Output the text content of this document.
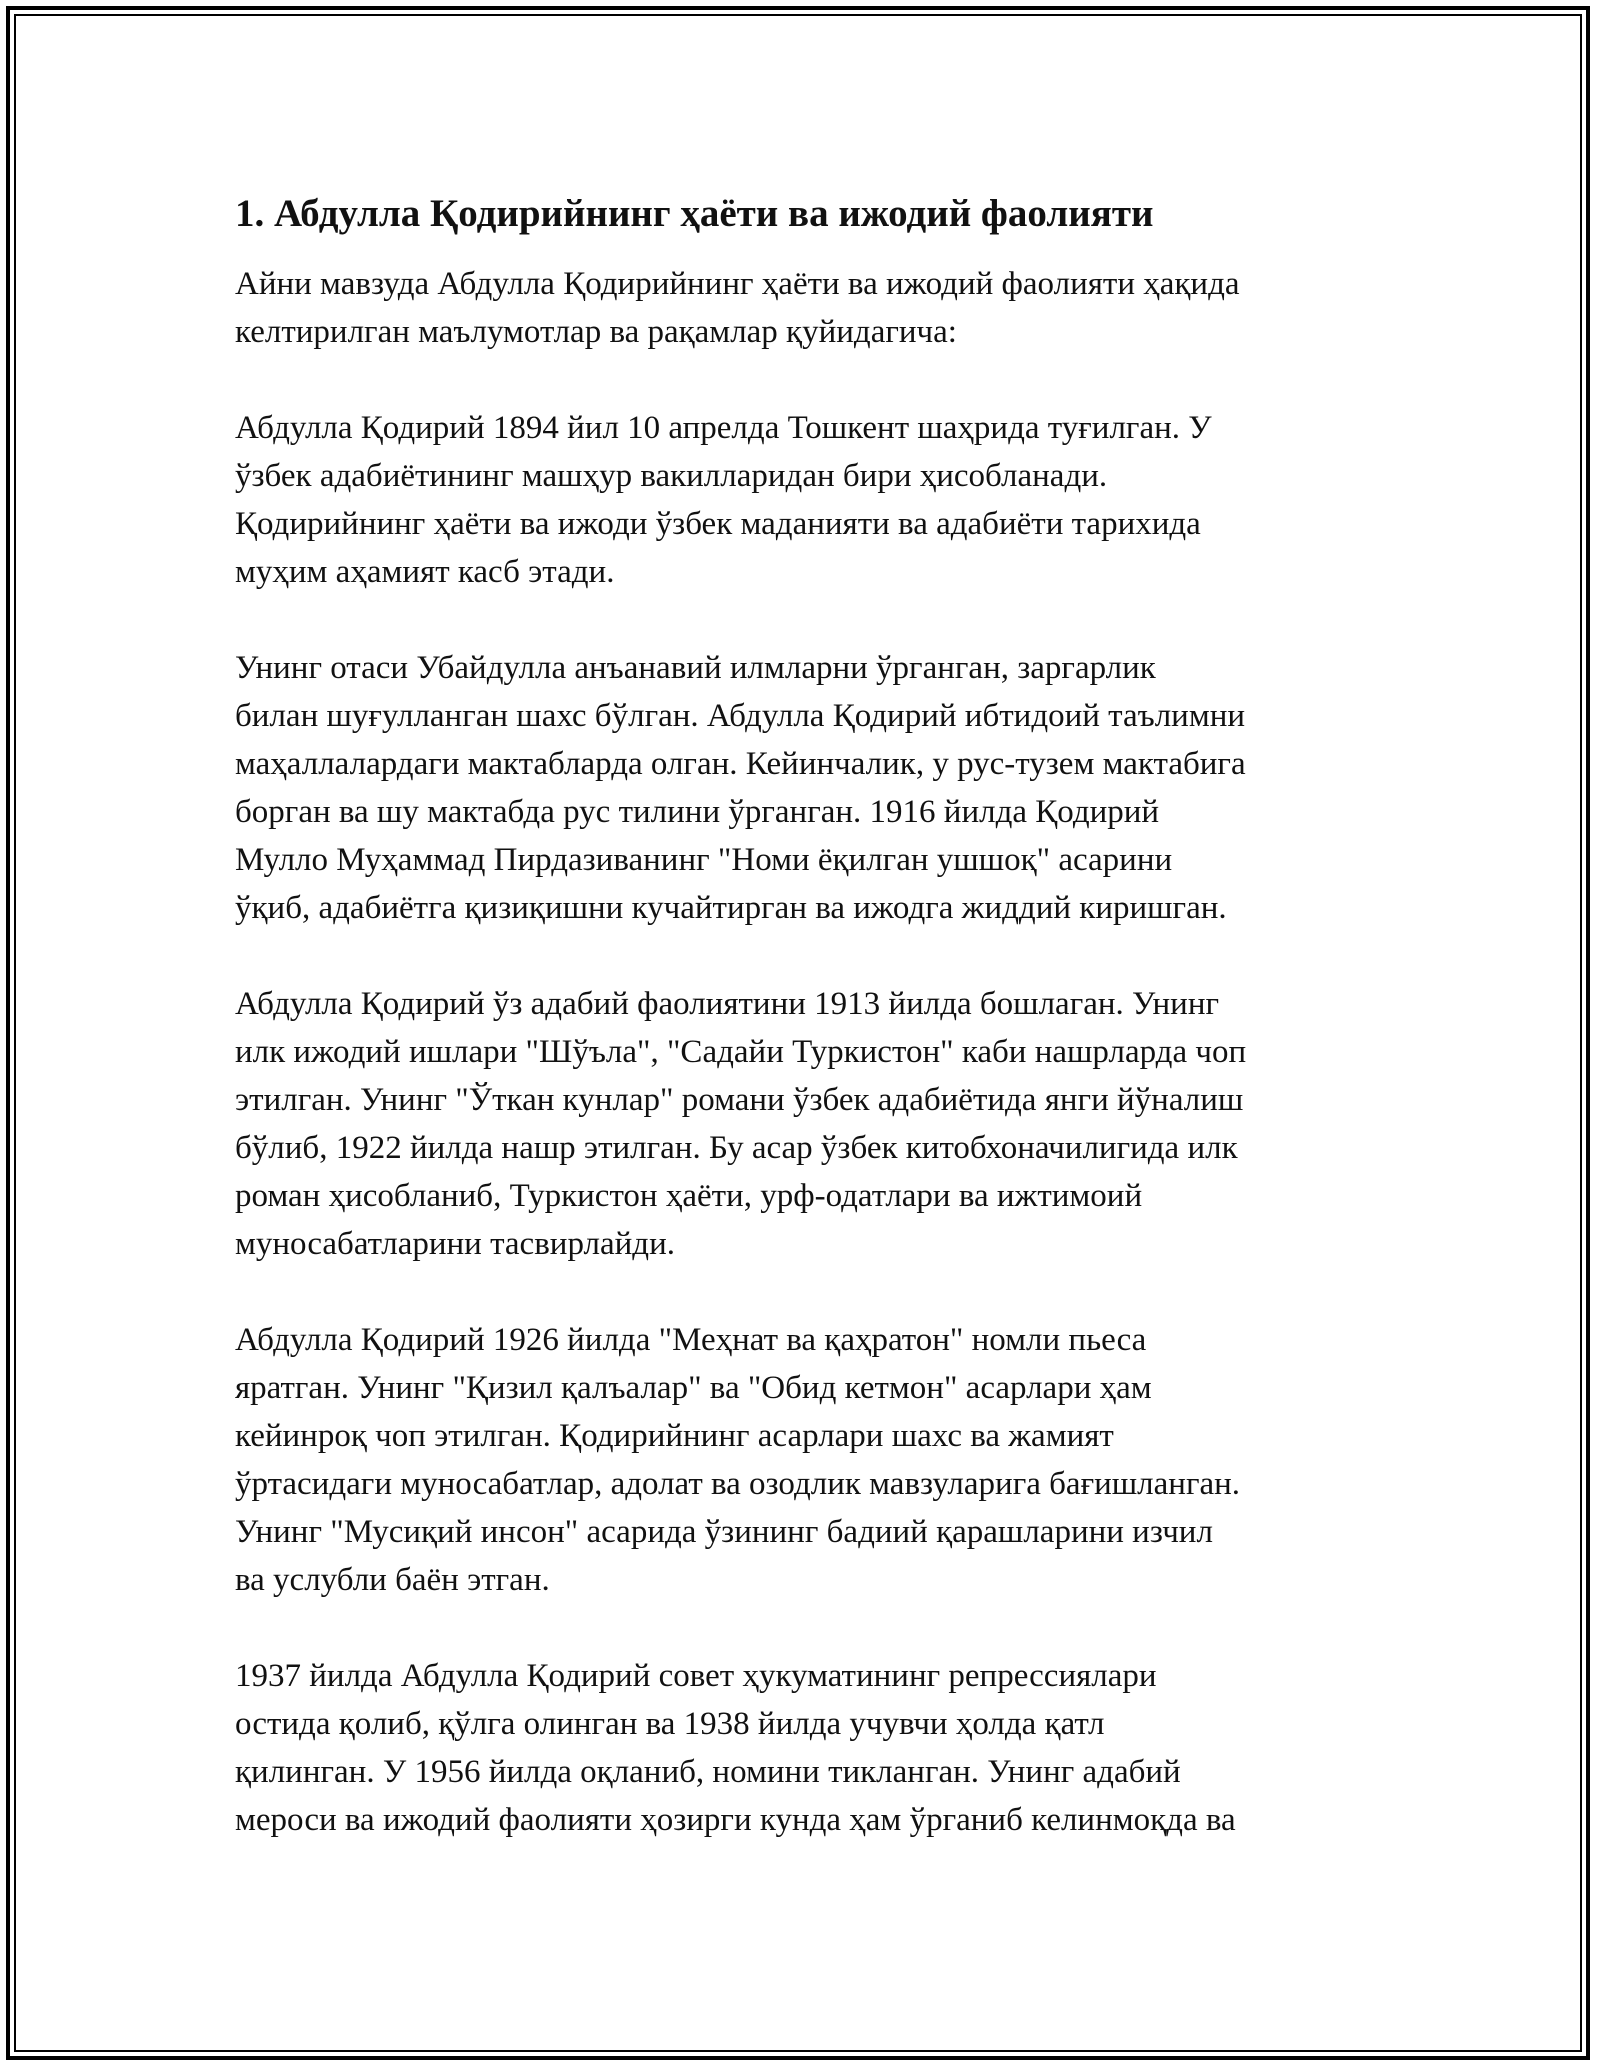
1. Абдулла Қодирийнинг ҳаёти ва ижодий фаолияти
Айни мавзуда Абдулла Қодирийнинг ҳаёти ва ижодий фаолияти ҳақида
келтирилган маълумотлар ва рақамлар қуйидагича:
Абдулла Қодирий 1894 йил 10 апрелда Тошкент шаҳрида туғилган. У
ўзбек адабиётининг машҳур вакилларидан бири ҳисобланади.
Қодирийнинг ҳаёти ва ижоди ўзбек маданияти ва адабиёти тарихида
муҳим аҳамият касб этади.
Унинг отаси Убайдулла анъанавий илмларни ўрганган, заргарлик
билан шуғулланган шахс бўлган. Абдулла Қодирий ибтидоий таълимни
маҳаллалардаги мактабларда олган. Кейинчалик, у рус-тузем мактабига
борган ва шу мактабда рус тилини ўрганган. 1916 йилда Қодирий
Мулло Муҳаммад Пирдазиванинг "Номи ёқилган ушшоқ" асарини
ўқиб, адабиётга қизиқишни кучайтирган ва ижодга жиддий киришган.
Абдулла Қодирий ўз адабий фаолиятини 1913 йилда бошлаган. Унинг
илк ижодий ишлари "Шўъла", "Садайи Туркистон" каби нашрларда чоп
этилган. Унинг "Ўткан кунлар" романи ўзбек адабиётида янги йўналиш
бўлиб, 1922 йилда нашр этилган. Бу асар ўзбек китобхоначилигида илк
роман ҳисобланиб, Туркистон ҳаёти, урф-одатлари ва ижтимоий
муносабатларини тасвирлайди.
Абдулла Қодирий 1926 йилда "Меҳнат ва қаҳратон" номли пьеса
яратган. Унинг "Қизил қалъалар" ва "Обид кетмон" асарлари ҳам
кейинроқ чоп этилган. Қодирийнинг асарлари шахс ва жамият
ўртасидаги муносабатлар, адолат ва озодлик мавзуларига бағишланган.
Унинг "Мусиқий инсон" асарида ўзининг бадиий қарашларини изчил
ва услубли баён этган.
1937 йилда Абдулла Қодирий совет ҳукуматининг репрессиялари
остида қолиб, қўлга олинган ва 1938 йилда учувчи ҳолда қатл
қилинган. У 1956 йилда оқланиб, номини тикланган. Унинг адабий
мероси ва ижодий фаолияти ҳозирги кунда ҳам ўрганиб келинмоқда ва
